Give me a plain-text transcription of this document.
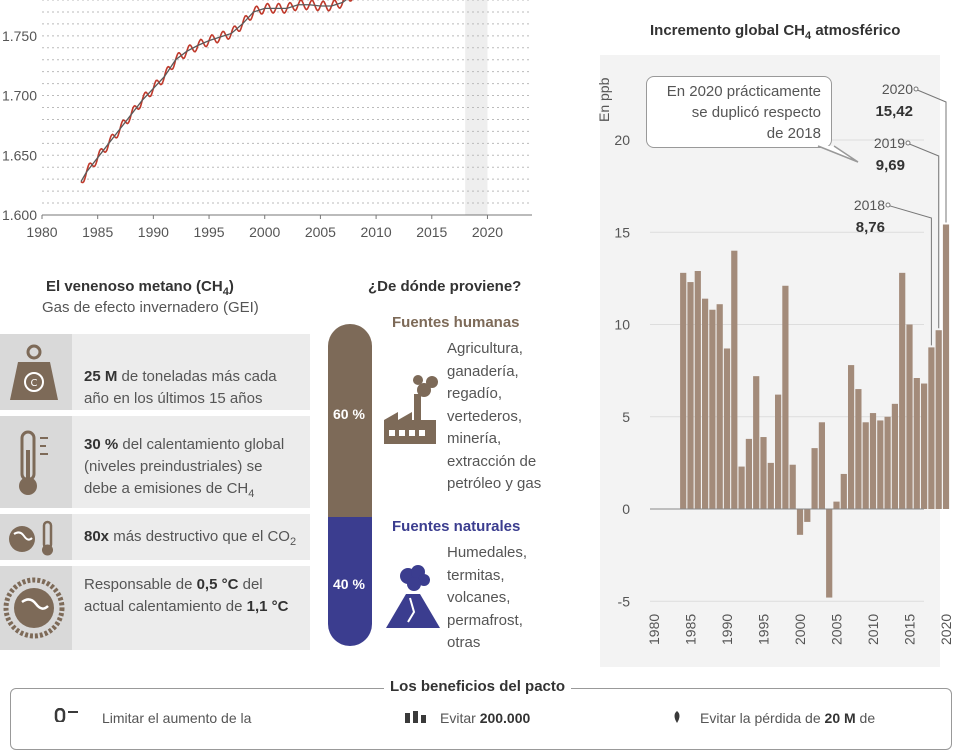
1.600
1.650
1.700
1.750
1980 1985 1990 1995 2000 2005 2010 2015 2020
Incremento global $CH_4$ atmosférico
-5
0
5
10
15
20
1980 1985 1990 1995 2000 2005 2010 2015 2020
2018
8,76
2019
9,69
2020
15,42
En ppb	En 2020 prácticamente
se duplicó respecto
de 2018
El venenoso metano $(CH_4)$
Gas de efecto invernadero (GEI)
C	25 M de toneladas más cada
año en los últimos 15 años
30 % del calentamiento global
(niveles preindustriales) se
debe a emisiones de $CH_4$
80x más destructivo que el $CO_2$
Responsable de 0,5 °C del
actual calentamiento de 1,1 °C
¿De dónde proviene?
60 %
40 %
Fuentes humanas
Agricultura,
ganadería,
regadío,
vertederos,
minería,
extracción de
petróleo y gas
Fuentes naturales
Humedales,
termitas,
volcanes,
permafrost,
otras
Los beneficios del pacto
Limitar el aumento de la	Evitar 200.000	Evitar la pérdida de 20 M de
